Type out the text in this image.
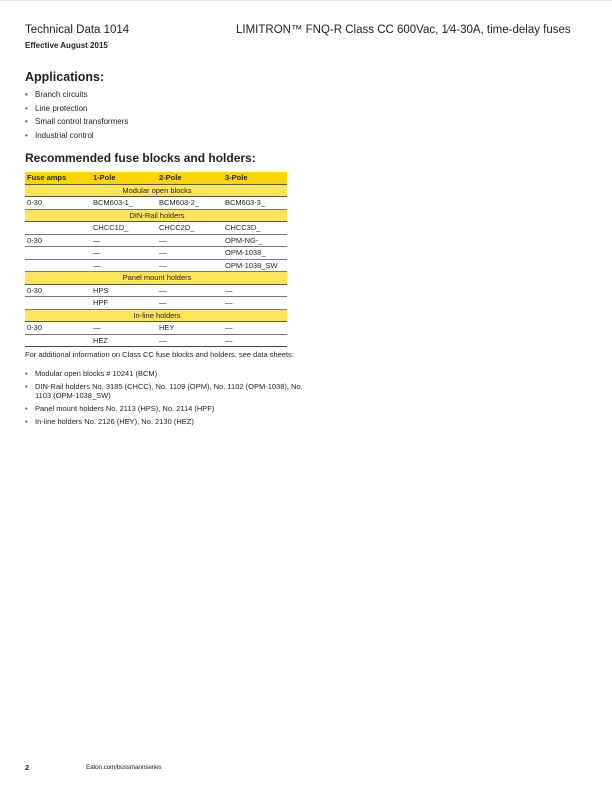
Technical Data 1014
Effective August 2015
LIMITRON™ FNQ-R Class CC 600Vac, 1⁄4-30A, time-delay fuses
Applications:
• Branch circuits
• Line protection
• Small control transformers
• Industrial control
Recommended fuse blocks and holders:
Fuse amps	1-Pole	2-Pole	3-Pole
Modular open blocks			
0-30	BCM603-1_	BCM603-2_	BCM603-3_
DIN-Rail holders			
	CHCC1D_	CHCC2D_	CHCC3D_
0-30	—	—	OPM-NG-_
	—	—	OPM-1038_
	—	—	OPM-1038_SW
Panel mount holders			
0-30	HPS	—	—
	HPF	—	—
In-line holders			
0-30	—	HEY	—
	HEZ	—	—
For additional information on Class CC fuse blocks and holders, see data sheets:
• Modular open blocks # 10241 (BCM)
• DIN-Rail holders No. 3185 (CHCC), No. 1109 (OPM), No. 1102 (OPM-1038), No. 1103 (OPM-1038_SW)
• Panel mount holders No. 2113 (HPS), No. 2114 (HPF)
• In-line holders No. 2126 (HEY), No. 2130 (HEZ)
2	Eaton.com/bussmannseries
